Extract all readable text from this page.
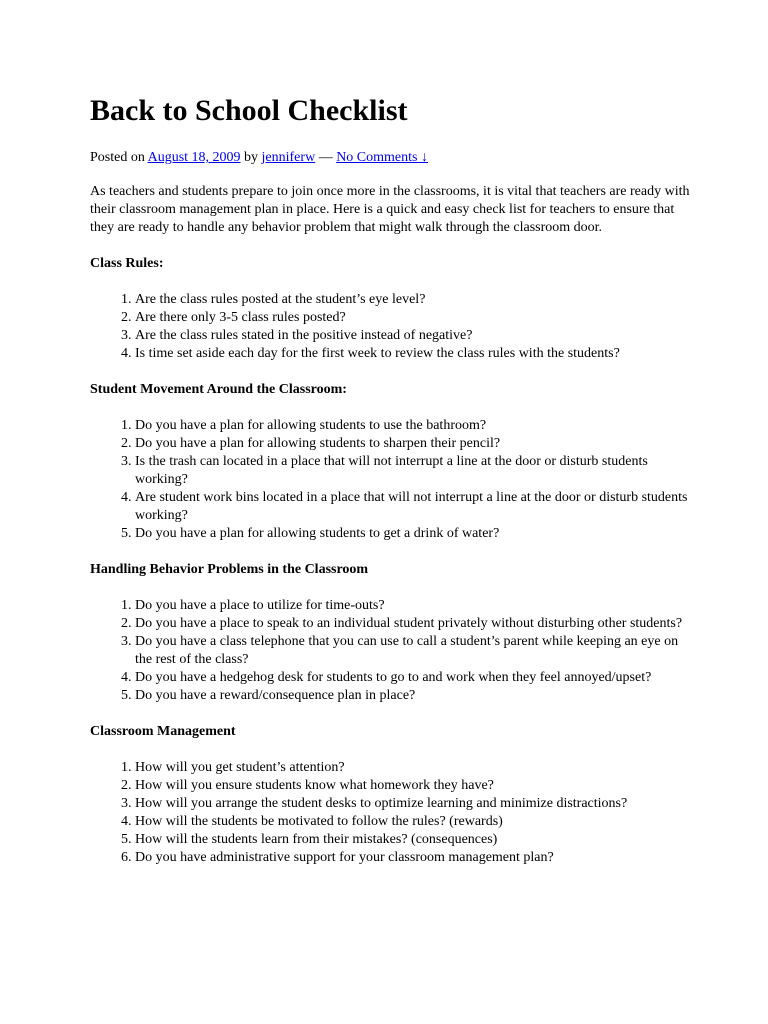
Back to School Checklist
Posted on August 18, 2009 by jenniferw — No Comments ↓

As teachers and students prepare to join once more in the classrooms, it is vital that teachers are ready with their classroom management plan in place. Here is a quick and easy check list for teachers to ensure that they are ready to handle any behavior problem that might walk through the classroom door.

Class Rules:

1. Are the class rules posted at the student’s eye level?
2. Are there only 3-5 class rules posted?
3. Are the class rules stated in the positive instead of negative?
4. Is time set aside each day for the first week to review the class rules with the students?

Student Movement Around the Classroom:

1. Do you have a plan for allowing students to use the bathroom?
2. Do you have a plan for allowing students to sharpen their pencil?
3. Is the trash can located in a place that will not interrupt a line at the door or disturb students working?
4. Are student work bins located in a place that will not interrupt a line at the door or disturb students working?
5. Do you have a plan for allowing students to get a drink of water?

Handling Behavior Problems in the Classroom

1. Do you have a place to utilize for time-outs?
2. Do you have a place to speak to an individual student privately without disturbing other students?
3. Do you have a class telephone that you can use to call a student’s parent while keeping an eye on the rest of the class?
4. Do you have a hedgehog desk for students to go to and work when they feel annoyed/upset?
5. Do you have a reward/consequence plan in place?

Classroom Management

1. How will you get student’s attention?
2. How will you ensure students know what homework they have?
3. How will you arrange the student desks to optimize learning and minimize distractions?
4. How will the students be motivated to follow the rules? (rewards)
5. How will the students learn from their mistakes? (consequences)
6. Do you have administrative support for your classroom management plan?
